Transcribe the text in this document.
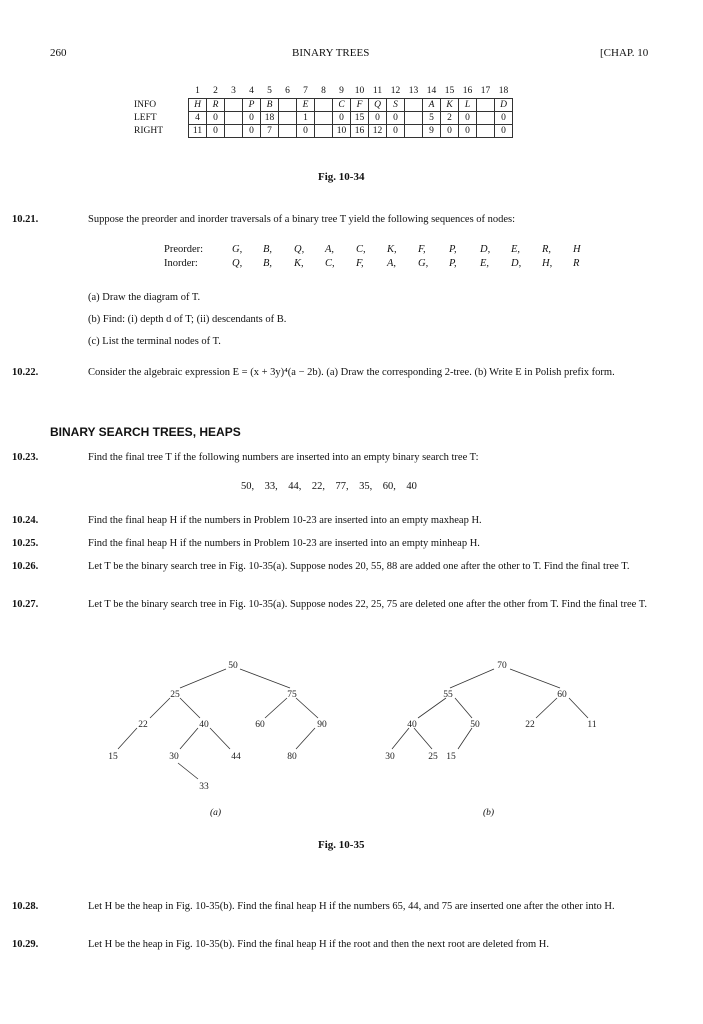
260	BINARY TREES	[CHAP. 10
	1	2	3	4	5	6	7	8	9	10	11	12	13	14	15	16	17	18
INFO	H	R		P	B		E		C	F	Q	S		A	K	L		D
LEFT	4	0		0	18		1		0	15	0	0		5	2	0		0
RIGHT	11	0		0	7		0		10	16	12	0		9	0	0		0
Fig. 10-34
10.21.	Suppose the preorder and inorder traversals of a binary tree T yield the following sequences of nodes:
Preorder:	G,	B,	Q,	A,	C,	K,	F,	P,	D,	E,	R,	H
Inorder:	Q,	B,	K,	C,	F,	A,	G,	P,	E,	D,	H,	R
(a) Draw the diagram of T.
(b) Find: (i) depth d of T; (ii) descendants of B.
(c) List the terminal nodes of T.
10.22.	Consider the algebraic expression E = (x + 3y)⁴(a − 2b). (a) Draw the corresponding 2-tree. (b) Write E in Polish prefix form.
BINARY SEARCH TREES, HEAPS
10.23.	Find the final tree T if the following numbers are inserted into an empty binary search tree T:
50,    33,    44,    22,    77,    35,    60,    40
10.24.	Find the final heap H if the numbers in Problem 10-23 are inserted into an empty maxheap H.
10.25.	Find the final heap H if the numbers in Problem 10-23 are inserted into an empty minheap H.
10.26.	Let T be the binary search tree in Fig. 10-35(a). Suppose nodes 20, 55, 88 are added one after the other to T. Find the final tree T.
10.27.	Let T be the binary search tree in Fig. 10-35(a). Suppose nodes 22, 25, 75 are deleted one after the other from T. Find the final tree T.
50
25	75
22	40	60	90
15	30	44	80
33
70
55	60
40	50	22	11
30	25 15
(a)	(b)
Fig. 10-35
10.28.	Let H be the heap in Fig. 10-35(b). Find the final heap H if the numbers 65, 44, and 75 are inserted one after the other into H.
10.29.	Let H be the heap in Fig. 10-35(b). Find the final heap H if the root and then the next root are deleted from H.
